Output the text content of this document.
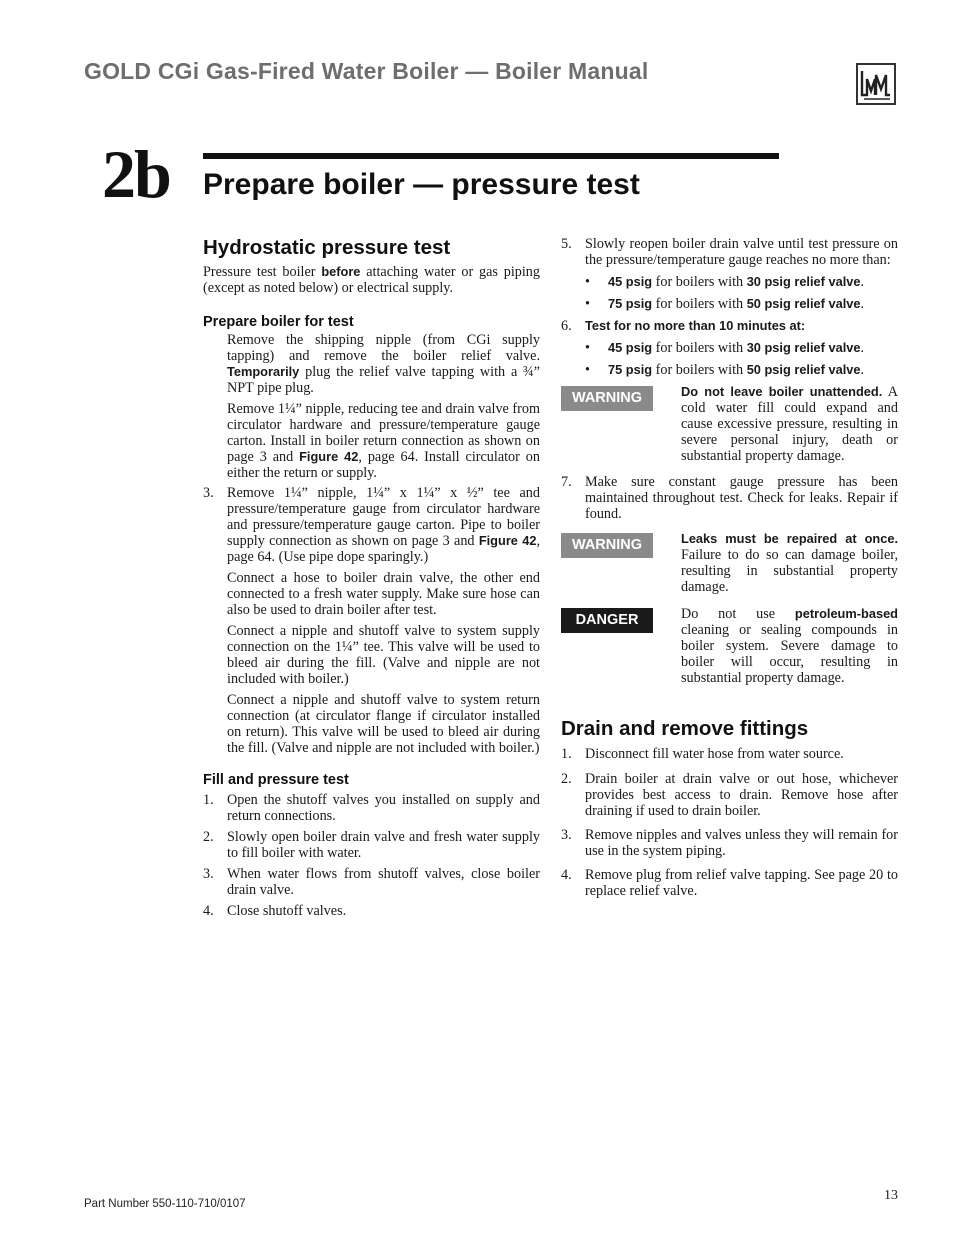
GOLD CGi Gas-Fired Water Boiler — Boiler Manual
2b Prepare boiler — pressure test
Hydrostatic pressure test

Pressure test boiler before attaching water or gas piping (except as noted below) or electrical supply.

Prepare boiler for test

Remove the shipping nipple (from CGi supply tapping) and remove the boiler relief valve. Temporarily plug the relief valve tapping with a ¾” NPT pipe plug.

Remove 1¼” nipple, reducing tee and drain valve from circulator hardware and pressure/temperature gauge carton. Install in boiler return connection as shown on page 3 and Figure 42, page 64. Install circulator on either the return or supply.

3. Remove 1¼” nipple, 1¼” x 1¼” x ½” tee and pressure/temperature gauge from circulator hardware and pressure/temperature gauge carton. Pipe to boiler supply connection as shown on page 3 and Figure 42, page 64. (Use pipe dope sparingly.)

Connect a hose to boiler drain valve, the other end connected to a fresh water supply. Make sure hose can also be used to drain boiler after test.

Connect a nipple and shutoff valve to system supply connection on the 1¼” tee. This valve will be used to bleed air during the fill. (Valve and nipple are not included with boiler.)

Connect a nipple and shutoff valve to system return connection (at circulator flange if circulator installed on return). This valve will be used to bleed air during the fill. (Valve and nipple are not included with boiler.)

Fill and pressure test
1. Open the shutoff valves you installed on supply and return connections.
2. Slowly open boiler drain valve and fresh water supply to fill boiler with water.
3. When water flows from shutoff valves, close boiler drain valve.
4. Close shutoff valves.
5. Slowly reopen boiler drain valve until test pressure on the pressure/temperature gauge reaches no more than:
• 45 psig for boilers with 30 psig relief valve.
• 75 psig for boilers with 50 psig relief valve.
6. Test for no more than 10 minutes at:
• 45 psig for boilers with 30 psig relief valve.
• 75 psig for boilers with 50 psig relief valve.
WARNING	Do not leave boiler unattended. A cold water fill could expand and cause excessive pressure, resulting in severe personal injury, death or substantial property damage.

7. Make sure constant gauge pressure has been maintained throughout test. Check for leaks. Repair if found.
WARNING	Leaks must be repaired at once. Failure to do so can damage boiler, resulting in substantial property damage.

DANGER	Do not use petroleum-based cleaning or sealing compounds in boiler system. Severe damage to boiler will occur, resulting in substantial property damage.

Drain and remove fittings
1. Disconnect fill water hose from water source.
2. Drain boiler at drain valve or out hose, whichever provides best access to drain. Remove hose after draining if used to drain boiler.
3. Remove nipples and valves unless they will remain for use in the system piping.
4. Remove plug from relief valve tapping. See page 20 to replace relief valve.
Part Number 550-110-710/0107
13
